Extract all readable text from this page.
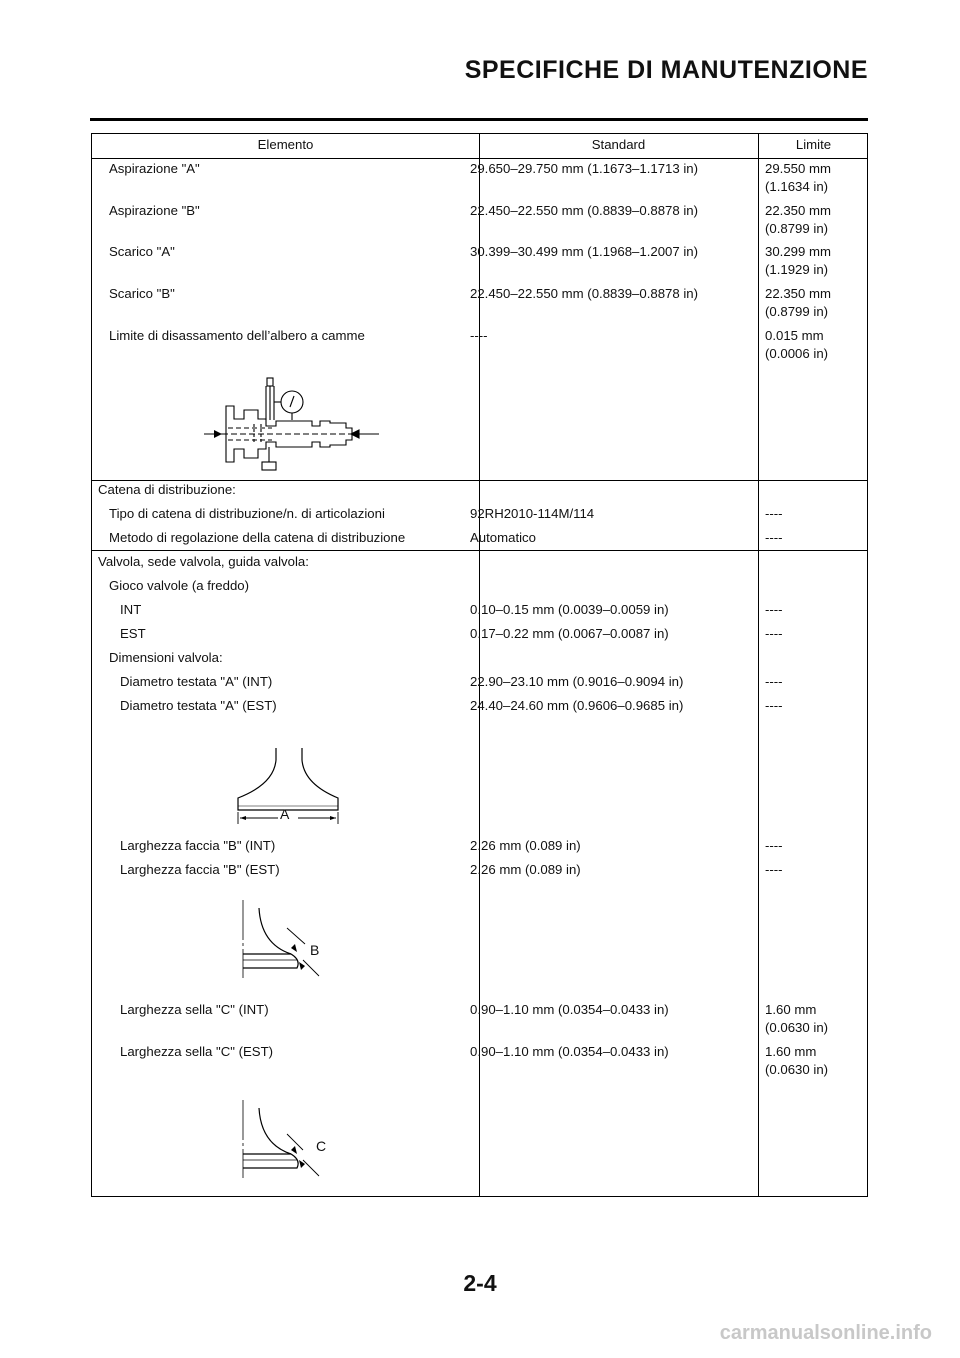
SPECIFICHE DI MANUTENZIONE
Elemento	Standard	Limite
Aspirazione "A"	29.650–29.750 mm (1.1673–1.1713 in)	29.550 mm
(1.1634 in)
Aspirazione "B"	22.450–22.550 mm (0.8839–0.8878 in)	22.350 mm
(0.8799 in)
Scarico "A"	30.399–30.499 mm (1.1968–1.2007 in)	30.299 mm
(1.1929 in)
Scarico "B"	22.450–22.550 mm (0.8839–0.8878 in)	22.350 mm
(0.8799 in)
Limite di disassamento dell’albero a camme	----	0.015 mm
(0.0006 in)
Catena di distribuzione:
Tipo di catena di distribuzione/n. di articolazioni	92RH2010-114M/114	----
Metodo di regolazione della catena di distribuzione	Automatico	----
Valvola, sede valvola, guida valvola:
Gioco valvole (a freddo)
INT	0.10–0.15 mm (0.0039–0.0059 in)	----
EST	0.17–0.22 mm (0.0067–0.0087 in)	----
Dimensioni valvola:
Diametro testata "A" (INT)	22.90–23.10 mm (0.9016–0.9094 in)	----
Diametro testata "A" (EST)	24.40–24.60 mm (0.9606–0.9685 in)	----
A
Larghezza faccia "B" (INT)	2.26 mm (0.089 in)	----
Larghezza faccia "B" (EST)	2.26 mm (0.089 in)	----
B
Larghezza sella "C" (INT)	0.90–1.10 mm (0.0354–0.0433 in)	1.60 mm
(0.0630 in)
Larghezza sella "C" (EST)	0.90–1.10 mm (0.0354–0.0433 in)	1.60 mm
(0.0630 in)
C
2-4
carmanualsonline.info
